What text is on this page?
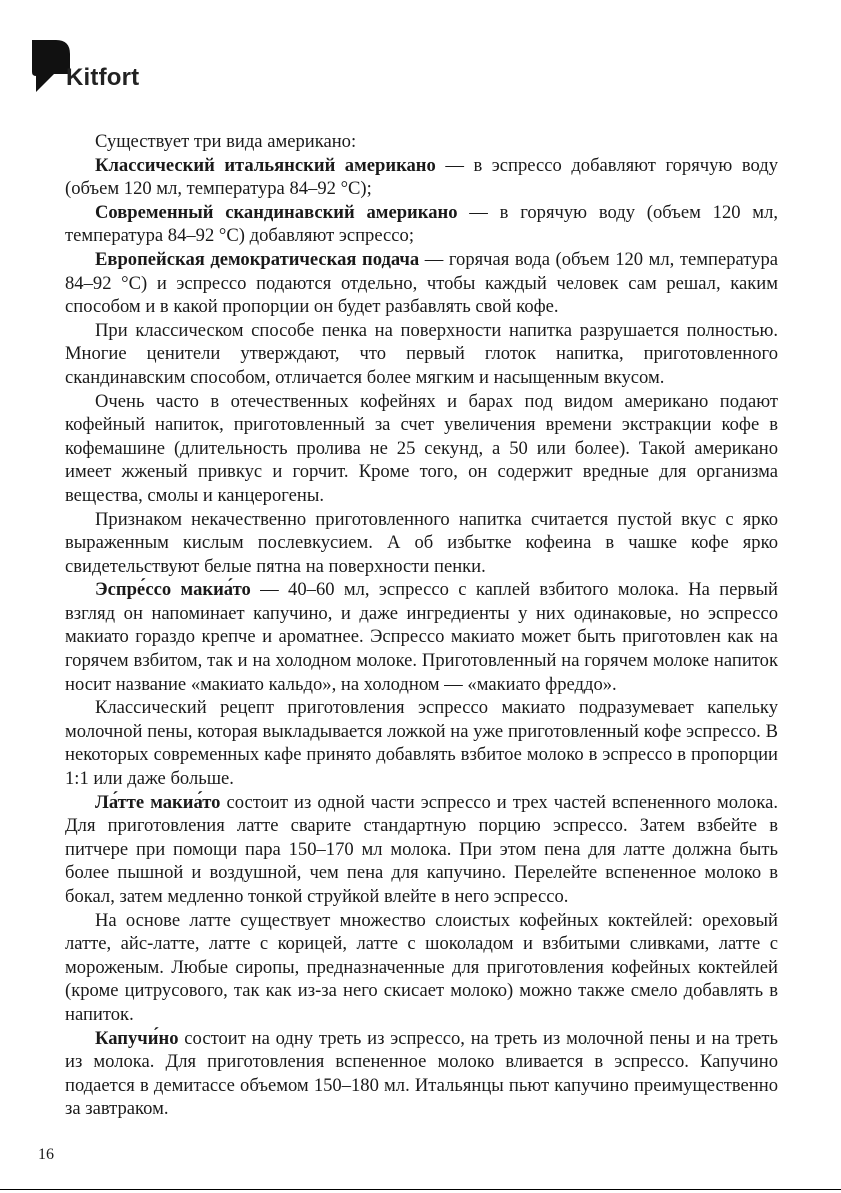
Kitfort

Существует три вида американо:

Классический итальянский американо — в эспрессо добавляют горячую воду (объем 120 мл, температура 84–92 °C);

Современный скандинавский американо — в горячую воду (объем 120 мл, температура 84–92 °C) добавляют эспрессо;

Европейская демократическая подача — горячая вода (объем 120 мл, температура 84–92 °C) и эспрессо подаются отдельно, чтобы каждый человек сам решал, каким способом и в какой пропорции он будет разбавлять свой кофе.

При классическом способе пенка на поверхности напитка разрушается полностью. Многие ценители утверждают, что первый глоток напитка, приготовленного скандинавским способом, отличается более мягким и насыщенным вкусом.

Очень часто в отечественных кофейнях и барах под видом американо подают кофейный напиток, приготовленный за счет увеличения времени экстракции кофе в кофемашине (длительность пролива не 25 секунд, а 50 или более). Такой американо имеет жженый привкус и горчит. Кроме того, он содержит вредные для организма вещества, смолы и канцерогены.

Признаком некачественно приготовленного напитка считается пустой вкус с ярко выраженным кислым послевкусием. А об избытке кофеина в чашке кофе ярко свидетельствуют белые пятна на поверхности пенки.

Эспре́ссо макиа́то — 40–60 мл, эспрессо с каплей взбитого молока. На первый взгляд он напоминает капучино, и даже ингредиенты у них одинаковые, но эспрессо макиато гораздо крепче и ароматнее. Эспрессо макиато может быть приготовлен как на горячем взбитом, так и на холодном молоке. Приготовленный на горячем молоке напиток носит название «макиато кальдо», на холодном — «макиато фреддо».

Классический рецепт приготовления эспрессо макиато подразумевает капельку молочной пены, которая выкладывается ложкой на уже приготовленный кофе эспрессо. В некоторых современных кафе принято добавлять взбитое молоко в эспрессо в пропорции 1:1 или даже больше.

Ла́тте макиа́то состоит из одной части эспрессо и трех частей вспененного молока. Для приготовления латте сварите стандартную порцию эспрессо. Затем взбейте в питчере при помощи пара 150–170 мл молока. При этом пена для латте должна быть более пышной и воздушной, чем пена для капучино. Перелейте вспененное молоко в бокал, затем медленно тонкой струйкой влейте в него эспрессо.

На основе латте существует множество слоистых кофейных коктейлей: ореховый латте, айс-латте, латте с корицей, латте с шоколадом и взбитыми сливками, латте с мороженым. Любые сиропы, предназначенные для приготовления кофейных коктейлей (кроме цитрусового, так как из-за него скисает молоко) можно также смело добавлять в напиток.

Капучи́но состоит на одну треть из эспрессо, на треть из молочной пены и на треть из молока. Для приготовления вспененное молоко вливается в эспрессо. Капучино подается в демитассе объемом 150–180 мл. Итальянцы пьют капучино преимущественно за завтраком.

16
